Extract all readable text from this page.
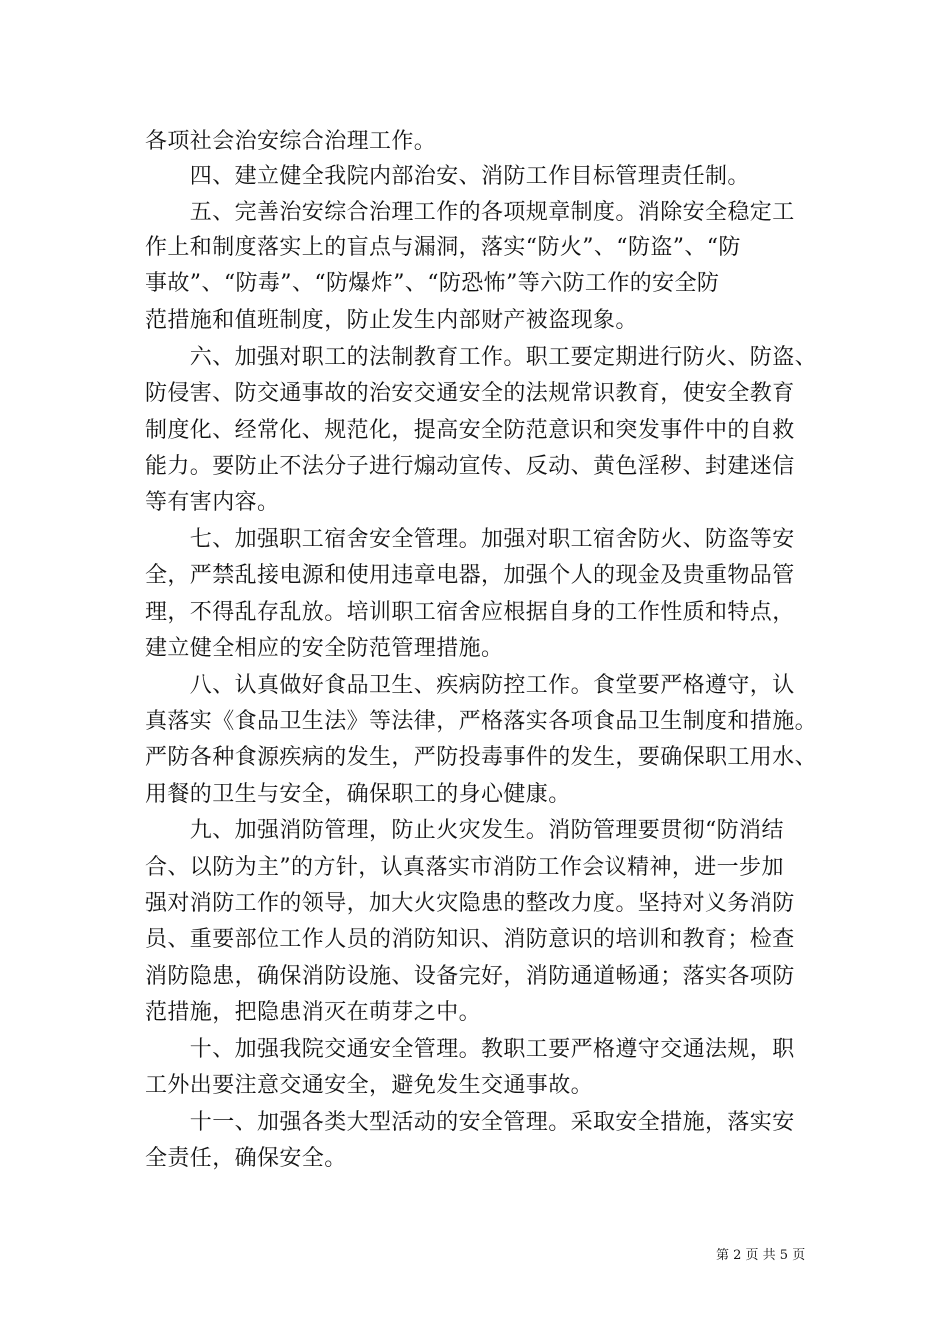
各项社会治安综合治理工作。
　　四、建立健全我院内部治安、消防工作目标管理责任制。
　　五、完善治安综合治理工作的各项规章制度。消除安全稳定工
作上和制度落实上的盲点与漏洞，落实“防火”、“防盗”、“防
事故”、“防毒”、“防爆炸”、“防恐怖”等六防工作的安全防
范措施和值班制度，防止发生内部财产被盗现象。
　　六、加强对职工的法制教育工作。职工要定期进行防火、防盗、
防侵害、防交通事故的治安交通安全的法规常识教育，使安全教育
制度化、经常化、规范化，提高安全防范意识和突发事件中的自救
能力。要防止不法分子进行煽动宣传、反动、黄色淫秽、封建迷信
等有害内容。
　　七、加强职工宿舍安全管理。加强对职工宿舍防火、防盗等安
全，严禁乱接电源和使用违章电器，加强个人的现金及贵重物品管
理，不得乱存乱放。培训职工宿舍应根据自身的工作性质和特点，
建立健全相应的安全防范管理措施。
　　八、认真做好食品卫生、疾病防控工作。食堂要严格遵守，认
真落实《食品卫生法》等法律，严格落实各项食品卫生制度和措施。
严防各种食源疾病的发生，严防投毒事件的发生，要确保职工用水、
用餐的卫生与安全，确保职工的身心健康。
　　九、加强消防管理，防止火灾发生。消防管理要贯彻“防消结
合、以防为主”的方针，认真落实市消防工作会议精神，进一步加
强对消防工作的领导，加大火灾隐患的整改力度。坚持对义务消防
员、重要部位工作人员的消防知识、消防意识的培训和教育；检查
消防隐患，确保消防设施、设备完好，消防通道畅通；落实各项防
范措施，把隐患消灭在萌芽之中。
　　十、加强我院交通安全管理。教职工要严格遵守交通法规，职
工外出要注意交通安全，避免发生交通事故。
　　十一、加强各类大型活动的安全管理。采取安全措施，落实安
全责任，确保安全。
第 2 页 共 5 页
